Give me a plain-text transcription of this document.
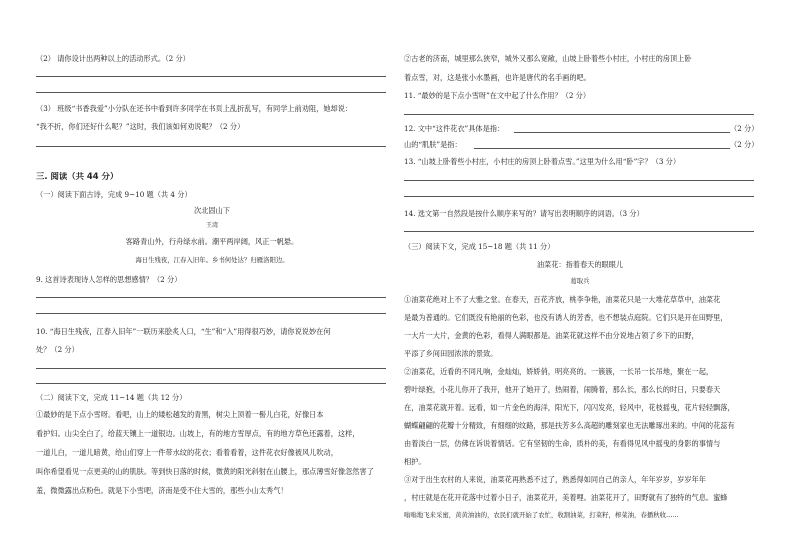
（2） 请你设计出两种以上的活动形式。（2 分）
（3） 班级“书香我爱”小分队在还书中看到许多同学在书页上乱折乱写，有同学上前劝阻，她却说：
“我不折，你们还好什么呢？”这时，我们该如何劝说呢？（2 分）
三. 阅读（共 44 分）
（一）阅读下面古诗，完成 9~10 题（共 4 分）
次北固山下
王湾
客路青山外，行舟绿水前。潮平两岸阔，风正一帆悬。
海日生残夜，江春入旧年。乡书何处达？归雁洛阳边。
9. 这首诗表现诗人怎样的思想感情？（2 分）
10. “海日生残夜，江春入旧年”一联历来脍炙人口，“生”和“入”用得很巧妙，请你说说妙在何
处？（2 分）
（二）阅读下文，完成 11~14 题（共 12 分）
①最妙的是下点小雪呀。看吧，山上的矮松越发的青黑，树尖上顶着一髻儿白花，好像日本
看护妇。山尖全白了，给蓝天镶上一道银边。山坡上，有的地方雪厚点，有的地方草色还露着，这样，
一道儿白，一道儿暗黄，给山们穿上一件带水纹的花衣；看着看着，这件花衣好像被风儿吹动，
叫你希望看见一点更美的山的肌肤。等到快日落的时候，微黄的阳光斜射在山腰上，那点薄雪好像忽然害了
羞，微微露出点粉色。就是下小雪吧，济南是受不住大雪的，那些小山太秀气！
②古老的济南，城里那么狭窄，城外又那么宽敞，山坡上卧着些小村庄，小村庄的房顶上卧
着点雪，对，这是张小水墨画，也许是唐代的名手画的吧。
11. “最妙的是下点小雪呀”在文中起了什么作用？（2 分）
12. 文中“这件花衣”具体是指：	（2 分）
山的“肌肤”是指：	（2 分）
13. “山坡上卧着些小村庄，小村庄的房顶上卧着点雪。”这里为什么用“卧”字？（3 分）
14. 选文第一自然段是按什么顺序来写的？请写出表明顺序的词语。（3 分）
（三）阅读下文，完成 15~18 题（共 11 分）
油菜花：指着春天的眼眼儿
葛取兵
①油菜花绝对上不了大雅之堂。在春天，百花齐放，桃李争艳，油菜花只是一大堆花草草中，油菜花
是最为普通的。它们既没有艳丽的色彩，也没有诱人的芳香，也不想装点庭院。它们只是开在田野里，
一大片一大片，金黄的色彩，看得人满眼都是。油菜花就这样不由分说地占领了乡下的田野，
平添了乡间田园浓浓的景致。
②油菜花，近看的不同凡响，金灿灿，娇娇俏，明亮亮的。一簇簇，一长吊一长吊地，聚在一起，
碧叶绿抱，小花儿你开了我开，他开了她开了，热闹着，闹腾着，那么长，那么长的时日，只要春天
在，油菜花就开着。远看，如一片金色的海洋，阳光下，闪闪发亮，轻风中，花枝摇曳，花片轻轻飘落，
蝴蝶翩翩的花瓣十分精致，有细细的纹路，那是扶芳多么高超的雕刻家也无法雕琢出来的。中间的花蕊有
由着淡白一层，仿佛在诉说着情话。它有坚韧的生命，质朴的美，有看得见风中摇曳的身影的事情与
相护。
③对于出生农村的人来说，油菜花再熟悉不过了，熟悉得如同自己的亲人，年年岁岁，岁岁年年
，村庄就是在花开花落中过着小日子，油菜花开，美着哩。油菜花开了，田野就有了独特的气息。蜜蜂
嗡嗡地飞来采蜜，黄黄油油的，农民们就开始了农忙，收割油菜，打菜籽，榨菜油，春播秋收……
